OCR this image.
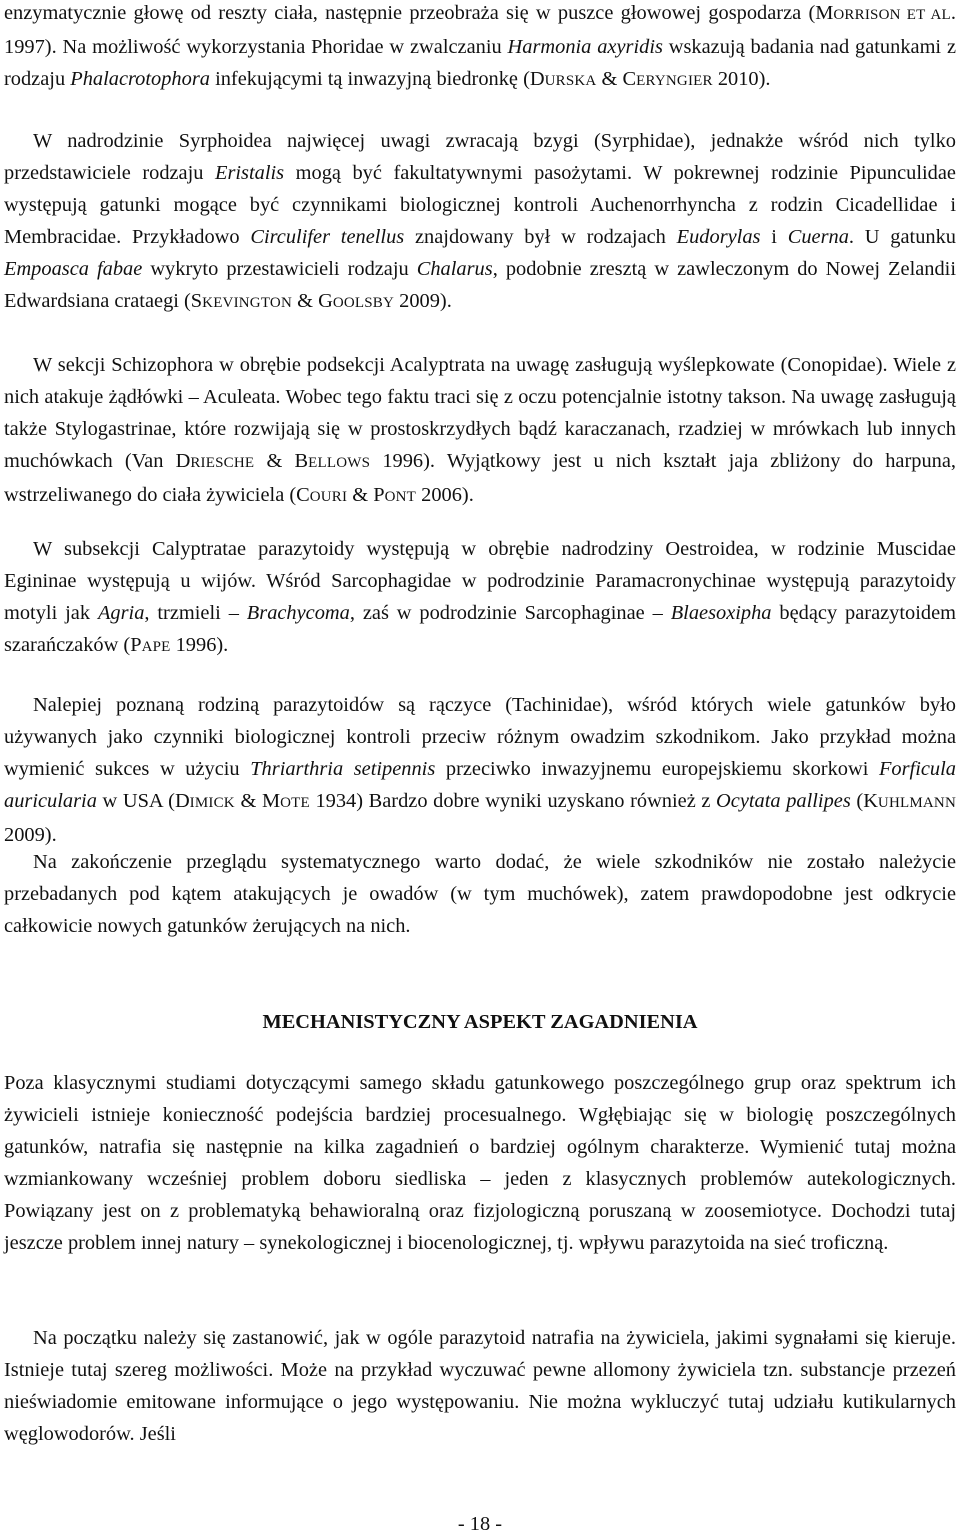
enzymatycznie głowę od reszty ciała, następnie przeobraża się w puszce głowowej gospodarza (MORRISON ET AL. 1997). Na możliwość wykorzystania Phoridae w zwalczaniu Harmonia axyridis wskazują badania nad gatunkami z rodzaju Phalacrotophora infekującymi tą inwazyjną biedronkę (DURSKA & CERYNGIER 2010).

W nadrodzinie Syrphoidea najwięcej uwagi zwracają bzygi (Syrphidae), jednakże wśród nich tylko przedstawiciele rodzaju Eristalis mogą być fakultatywnymi pasożytami. W pokrewnej rodzinie Pipunculidae występują gatunki mogące być czynnikami biologicznej kontroli Auchenorrhyncha z rodzin Cicadellidae i Membracidae. Przykładowo Circulifer tenellus znajdowany był w rodzajach Eudorylas i Cuerna. U gatunku Empoasca fabae wykryto przestawicieli rodzaju Chalarus, podobnie zresztą w zawleczonym do Nowej Zelandii Edwardsiana crataegi (SKEVINGTON & GOOLSBY 2009).

W sekcji Schizophora w obrębie podsekcji Acalyptrata na uwagę zasługują wyślepkowate (Conopidae). Wiele z nich atakuje żądłówki – Aculeata. Wobec tego faktu traci się z oczu potencjalnie istotny takson. Na uwagę zasługują także Stylogastrinae, które rozwijają się w prostoskrzydłych bądź karaczanach, rzadziej w mrówkach lub innych muchówkach (Van DRIESCHE & BELLOWS 1996). Wyjątkowy jest u nich kształt jaja zbliżony do harpuna, wstrzeliwanego do ciała żywiciela (COURI & PONT 2006).

W subsekcji Calyptratae parazytoidy występują w obrębie nadrodziny Oestroidea, w rodzinie Muscidae Egininae występują u wijów. Wśród Sarcophagidae w podrodzinie Paramacronychinae występują parazytoidy motyli jak Agria, trzmieli – Brachycoma, zaś w podrodzinie Sarcophaginae – Blaesoxipha będący parazytoidem szarańczaków (PAPE 1996).

Nalepiej poznaną rodziną parazytoidów są rączyce (Tachinidae), wśród których wiele gatunków było używanych jako czynniki biologicznej kontroli przeciw różnym owadzim szkodnikom. Jako przykład można wymienić sukces w użyciu Thriarthria setipennis przeciwko inwazyjnemu europejskiemu skorkowi Forficula auricularia w USA (DIMICK & MOTE 1934) Bardzo dobre wyniki uzyskano również z Ocytata pallipes (KUHLMANN 2009).

Na zakończenie przeglądu systematycznego warto dodać, że wiele szkodników nie zostało należycie przebadanych pod kątem atakujących je owadów (w tym muchówek), zatem prawdopodobne jest odkrycie całkowicie nowych gatunków żerujących na nich.

MECHANISTYCZNY ASPEKT ZAGADNIENIA

Poza klasycznymi studiami dotyczącymi samego składu gatunkowego poszczególnego grup oraz spektrum ich żywicieli istnieje konieczność podejścia bardziej procesualnego. Wgłębiając się w biologię poszczególnych gatunków, natrafia się następnie na kilka zagadnień o bardziej ogólnym charakterze. Wymienić tutaj można wzmiankowany wcześniej problem doboru siedliska – jeden z klasycznych problemów autekologicznych. Powiązany jest on z problematyką behawioralną oraz fizjologiczną poruszaną w zoosemiotyce. Dochodzi tutaj jeszcze problem innej natury – synekologicznej i biocenologicznej, tj. wpływu parazytoida na sieć troficzną.

Na początku należy się zastanowić, jak w ogóle parazytoid natrafia na żywiciela, jakimi sygnałami się kieruje. Istnieje tutaj szereg możliwości. Może na przykład wyczuwać pewne allomony żywiciela tzn. substancje przezeń nieświadomie emitowane informujące o jego występowaniu. Nie można wykluczyć tutaj udziału kutikularnych węglowodorów. Jeśli

- 18 -
